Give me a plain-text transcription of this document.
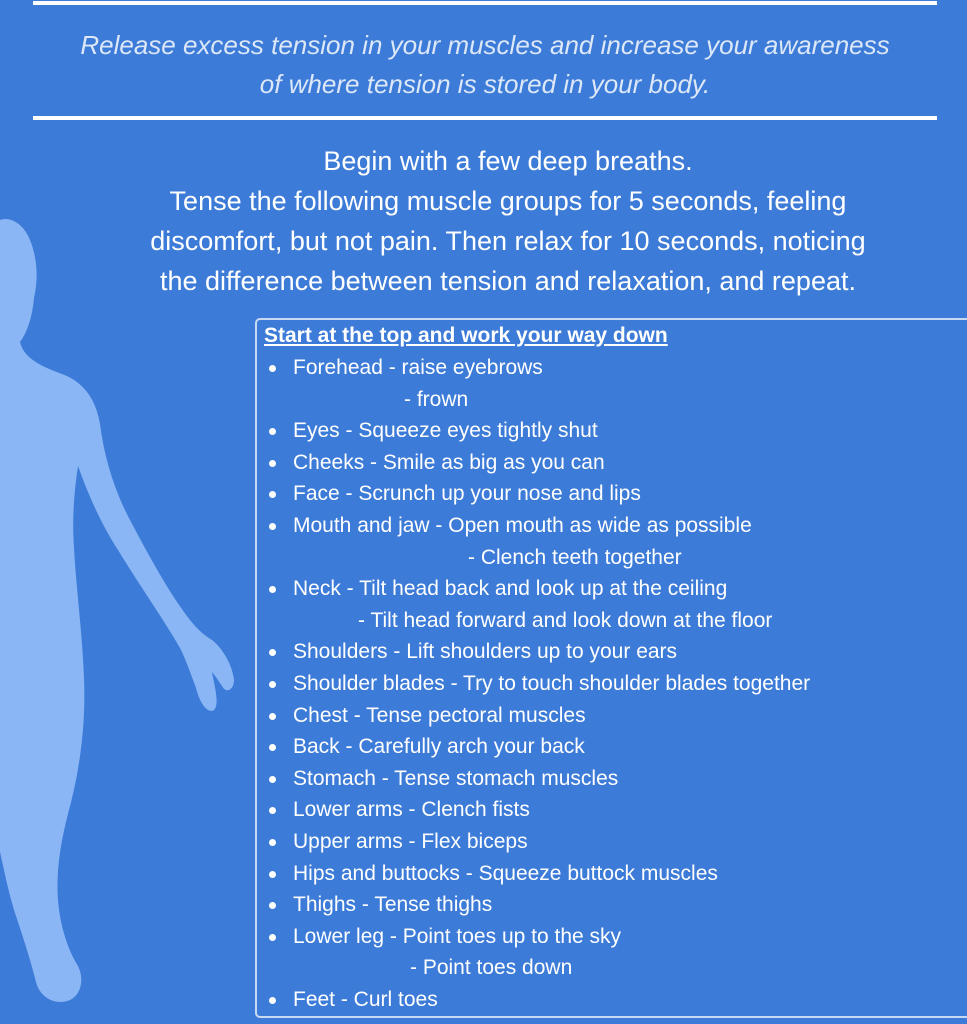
Release excess tension in your muscles and increase your awareness
of where tension is stored in your body.
Begin with a few deep breaths.
Tense the following muscle groups for 5 seconds, feeling
discomfort, but not pain. Then relax for 10 seconds, noticing
the difference between tension and relaxation, and repeat.
Start at the top and work your way down
Forehead - raise eyebrows
- frown
Eyes - Squeeze eyes tightly shut
Cheeks - Smile as big as you can
Face - Scrunch up your nose and lips
Mouth and jaw - Open mouth as wide as possible
- Clench teeth together
Neck - Tilt head back and look up at the ceiling
- Tilt head forward and look down at the floor
Shoulders - Lift shoulders up to your ears
Shoulder blades - Try to touch shoulder blades together
Chest - Tense pectoral muscles
Back - Carefully arch your back
Stomach - Tense stomach muscles
Lower arms - Clench fists
Upper arms - Flex biceps
Hips and buttocks - Squeeze buttock muscles
Thighs - Tense thighs
Lower leg - Point toes up to the sky
- Point toes down
Feet - Curl toes
